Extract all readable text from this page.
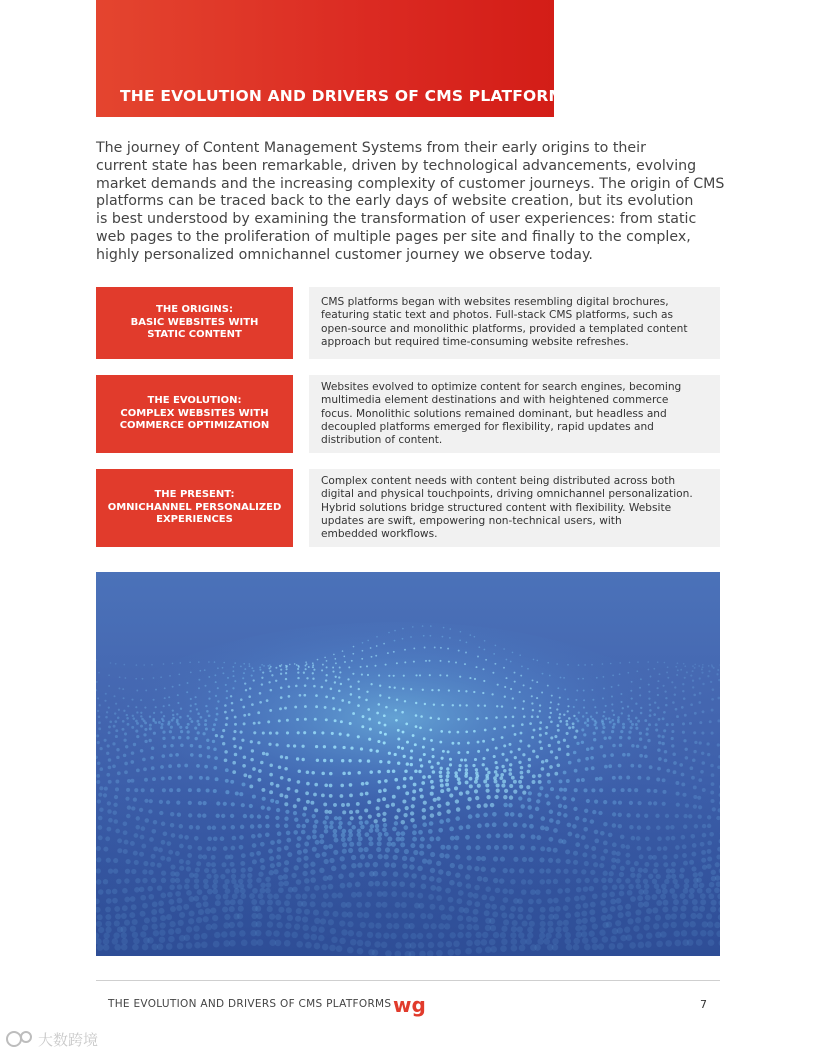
THE EVOLUTION AND DRIVERS OF CMS PLATFORMS
The journey of Content Management Systems from their early origins to their
current state has been remarkable, driven by technological advancements, evolving
market demands and the increasing complexity of customer journeys. The origin of CMS
platforms can be traced back to the early days of website creation, but its evolution
is best understood by examining the transformation of user experiences: from static
web pages to the proliferation of multiple pages per site and finally to the complex,
highly personalized omnichannel customer journey we observe today.
THE ORIGINS:
BASIC WEBSITES WITH
STATIC CONTENT
CMS platforms began with websites resembling digital brochures,
featuring static text and photos. Full-stack CMS platforms, such as
open-source and monolithic platforms, provided a templated content
approach but required time-consuming website refreshes.
THE EVOLUTION:
COMPLEX WEBSITES WITH
COMMERCE OPTIMIZATION
Websites evolved to optimize content for search engines, becoming
multimedia element destinations and with heightened commerce
focus. Monolithic solutions remained dominant, but headless and
decoupled platforms emerged for flexibility, rapid updates and
distribution of content.
THE PRESENT:
OMNICHANNEL PERSONALIZED
EXPERIENCES
Complex content needs with content being distributed across both
digital and physical touchpoints, driving omnichannel personalization.
Hybrid solutions bridge structured content with flexibility. Website
updates are swift, empowering non-technical users, with
embedded workflows.
THE EVOLUTION AND DRIVERS OF CMS PLATFORMS wg	7
大数跨境
